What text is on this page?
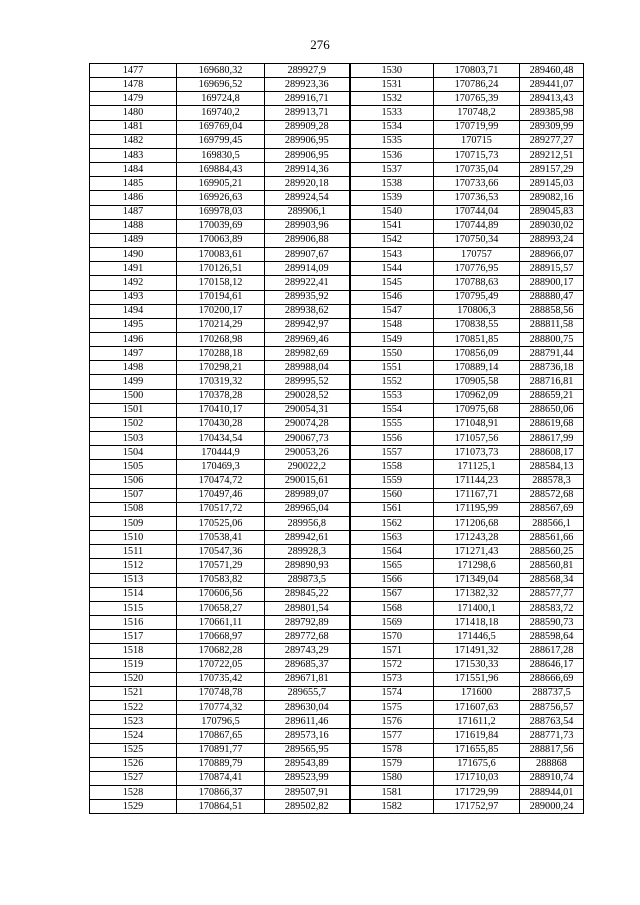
276
1477	169680,32	289927,9	1530	170803,71	289460,48
1478	169696,52	289923,36	1531	170786,24	289441,07
1479	169724,8	289916,71	1532	170765,39	289413,43
1480	169740,2	289913,71	1533	170748,2	289385,98
1481	169769,04	289909,28	1534	170719,99	289309,99
1482	169799,45	289906,95	1535	170715	289277,27
1483	169830,5	289906,95	1536	170715,73	289212,51
1484	169884,43	289914,36	1537	170735,04	289157,29
1485	169905,21	289920,18	1538	170733,66	289145,03
1486	169926,63	289924,54	1539	170736,53	289082,16
1487	169978,03	289906,1	1540	170744,04	289045,83
1488	170039,69	289903,96	1541	170744,89	289030,02
1489	170063,89	289906,88	1542	170750,34	288993,24
1490	170083,61	289907,67	1543	170757	288966,07
1491	170126,51	289914,09	1544	170776,95	288915,57
1492	170158,12	289922,41	1545	170788,63	288900,17
1493	170194,61	289935,92	1546	170795,49	288880,47
1494	170200,17	289938,62	1547	170806,3	288858,56
1495	170214,29	289942,97	1548	170838,55	288811,58
1496	170268,98	289969,46	1549	170851,85	288800,75
1497	170288,18	289982,69	1550	170856,09	288791,44
1498	170298,21	289988,04	1551	170889,14	288736,18
1499	170319,32	289995,52	1552	170905,58	288716,81
1500	170378,28	290028,52	1553	170962,09	288659,21
1501	170410,17	290054,31	1554	170975,68	288650,06
1502	170430,28	290074,28	1555	171048,91	288619,68
1503	170434,54	290067,73	1556	171057,56	288617,99
1504	170444,9	290053,26	1557	171073,73	288608,17
1505	170469,3	290022,2	1558	171125,1	288584,13
1506	170474,72	290015,61	1559	171144,23	288578,3
1507	170497,46	289989,07	1560	171167,71	288572,68
1508	170517,72	289965,04	1561	171195,99	288567,69
1509	170525,06	289956,8	1562	171206,68	288566,1
1510	170538,41	289942,61	1563	171243,28	288561,66
1511	170547,36	289928,3	1564	171271,43	288560,25
1512	170571,29	289890,93	1565	171298,6	288560,81
1513	170583,82	289873,5	1566	171349,04	288568,34
1514	170606,56	289845,22	1567	171382,32	288577,77
1515	170658,27	289801,54	1568	171400,1	288583,72
1516	170661,11	289792,89	1569	171418,18	288590,73
1517	170668,97	289772,68	1570	171446,5	288598,64
1518	170682,28	289743,29	1571	171491,32	288617,28
1519	170722,05	289685,37	1572	171530,33	288646,17
1520	170735,42	289671,81	1573	171551,96	288666,69
1521	170748,78	289655,7	1574	171600	288737,5
1522	170774,32	289630,04	1575	171607,63	288756,57
1523	170796,5	289611,46	1576	171611,2	288763,54
1524	170867,65	289573,16	1577	171619,84	288771,73
1525	170891,77	289565,95	1578	171655,85	288817,56
1526	170889,79	289543,89	1579	171675,6	288868
1527	170874,41	289523,99	1580	171710,03	288910,74
1528	170866,37	289507,91	1581	171729,99	288944,01
1529	170864,51	289502,82	1582	171752,97	289000,24
